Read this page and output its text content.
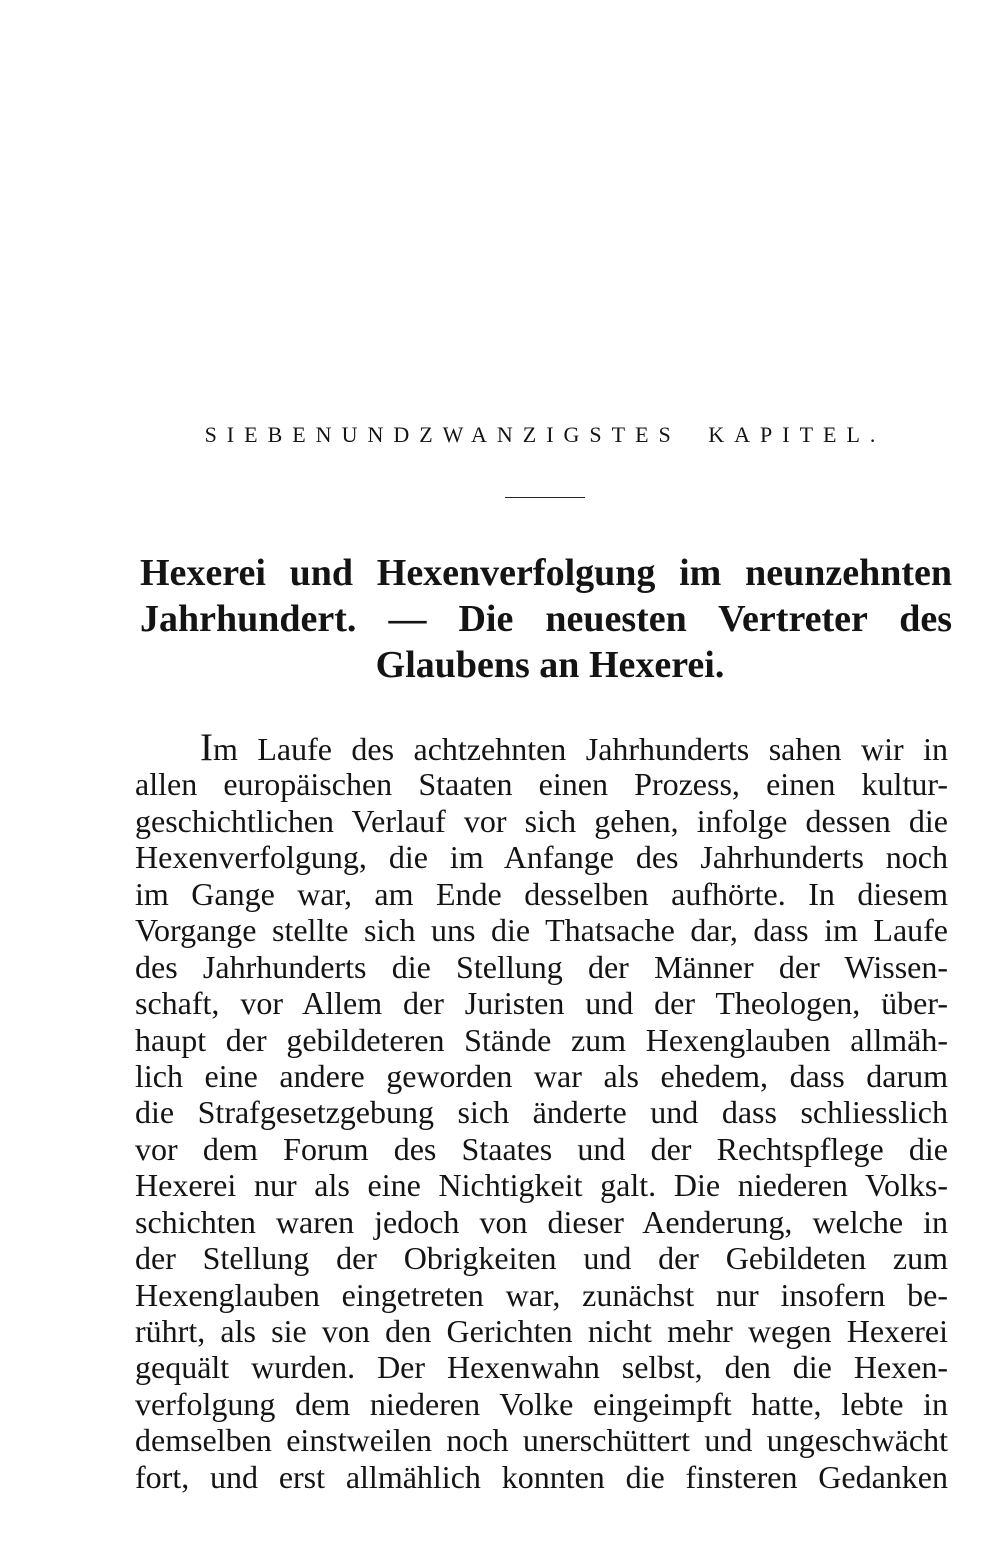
SIEBENUNDZWANZIGSTES KAPITEL.
Hexerei und Hexenverfolgung im neunzehnten
Jahrhundert. — Die neuesten Vertreter des
Glaubens an Hexerei.
Im Laufe des achtzehnten Jahrhunderts sahen wir in
allen europäischen Staaten einen Prozess, einen kultur-
geschichtlichen Verlauf vor sich gehen, infolge dessen die
Hexenverfolgung, die im Anfange des Jahrhunderts noch
im Gange war, am Ende desselben aufhörte. In diesem
Vorgange stellte sich uns die Thatsache dar, dass im Laufe
des Jahrhunderts die Stellung der Männer der Wissen-
schaft, vor Allem der Juristen und der Theologen, über-
haupt der gebildeteren Stände zum Hexenglauben allmäh-
lich eine andere geworden war als ehedem, dass darum
die Strafgesetzgebung sich änderte und dass schliesslich
vor dem Forum des Staates und der Rechtspflege die
Hexerei nur als eine Nichtigkeit galt. Die niederen Volks-
schichten waren jedoch von dieser Aenderung, welche in
der Stellung der Obrigkeiten und der Gebildeten zum
Hexenglauben eingetreten war, zunächst nur insofern be-
rührt, als sie von den Gerichten nicht mehr wegen Hexerei
gequält wurden. Der Hexenwahn selbst, den die Hexen-
verfolgung dem niederen Volke eingeimpft hatte, lebte in
demselben einstweilen noch unerschüttert und ungeschwächt
fort, und erst allmählich konnten die finsteren Gedanken
